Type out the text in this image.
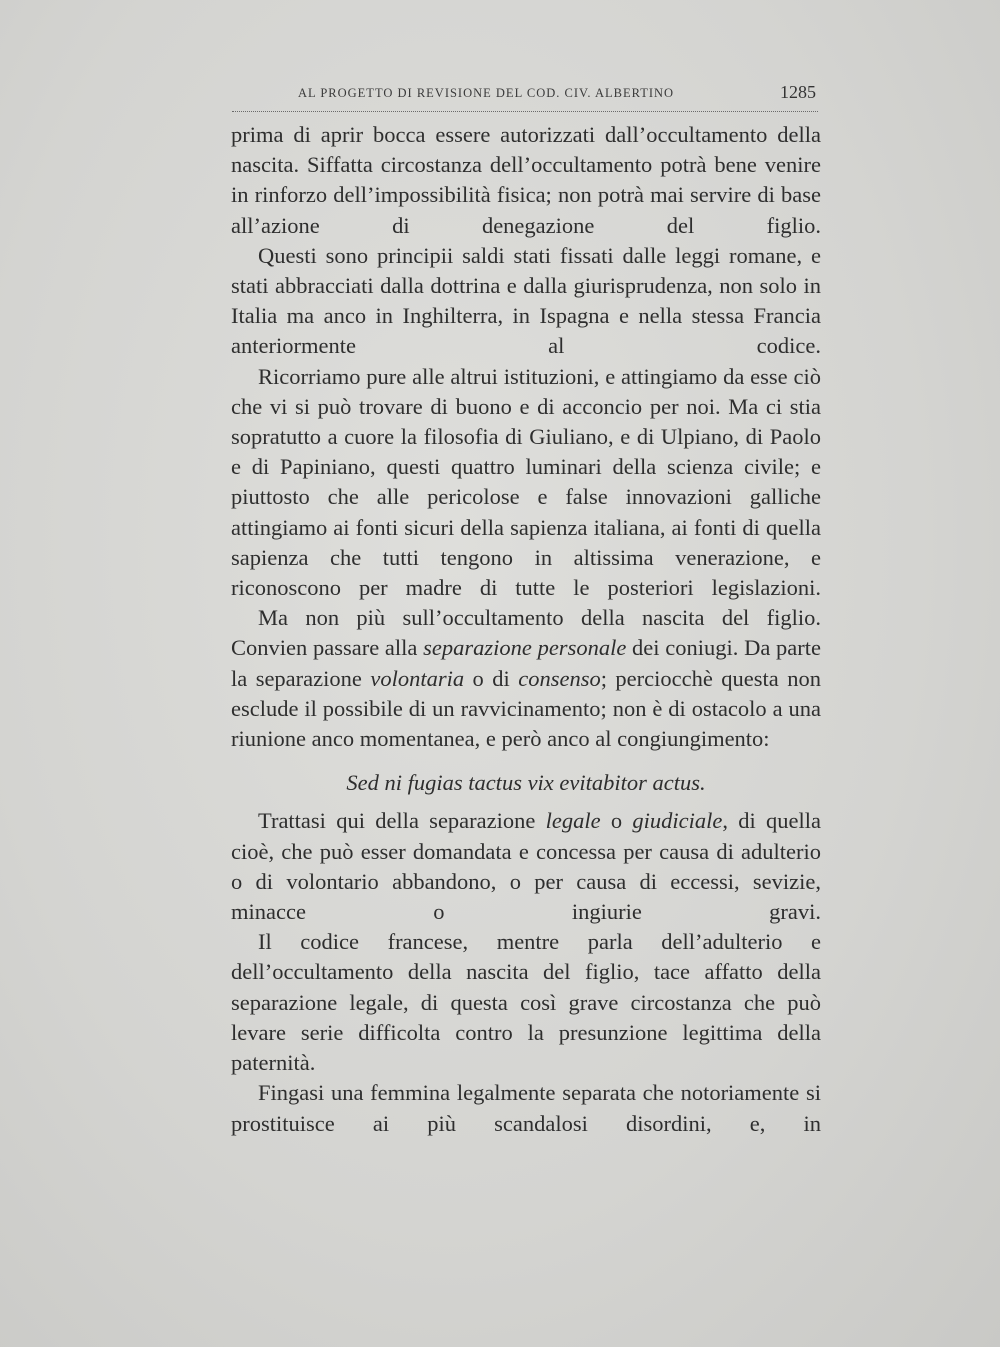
AL PROGETTO DI REVISIONE DEL COD. CIV. ALBERTINO	1285

prima di aprir bocca essere autorizzati dall’occultamento della nascita. Siffatta circostanza dell’occultamento potrà bene venire in rinforzo dell’impossibilità fisica; non potrà mai servire di base all’azione di denegazione del figlio.

Questi sono principii saldi stati fissati dalle leggi romane, e stati abbracciati dalla dottrina e dalla giurisprudenza, non solo in Italia ma anco in Inghilterra, in Ispagna e nella stessa Francia anteriormente al codice.

Ricorriamo pure alle altrui istituzioni, e attingiamo da esse ciò che vi si può trovare di buono e di acconcio per noi. Ma ci stia sopratutto a cuore la filosofia di Giuliano, e di Ulpiano, di Paolo e di Papiniano, questi quattro luminari della scienza civile; e piuttosto che alle pericolose e false innovazioni galliche attingiamo ai fonti sicuri della sapienza italiana, ai fonti di quella sapienza che tutti tengono in altissima venerazione, e riconoscono per madre di tutte le posteriori legislazioni.

Ma non più sull’occultamento della nascita del figlio.

Convien passare alla separazione personale dei coniugi. Da parte la separazione volontaria o di consenso; perciocchè questa non esclude il possibile di un ravvicinamento; non è di ostacolo a una riunione anco momentanea, e però anco al congiungimento:

Sed ni fugias tactus vix evitabitor actus.

Trattasi qui della separazione legale o giudiciale, di quella cioè, che può esser domandata e concessa per causa di adulterio o di volontario abbandono, o per causa di eccessi, sevizie, minacce o ingiurie gravi.

Il codice francese, mentre parla dell’adulterio e dell’occultamento della nascita del figlio, tace affatto della separazione legale, di questa così grave circostanza che può levare serie difficolta contro la presunzione legittima della paternità.

Fingasi una femmina legalmente separata che notoriamente si prostituisce ai più scandalosi disordini, e, in
